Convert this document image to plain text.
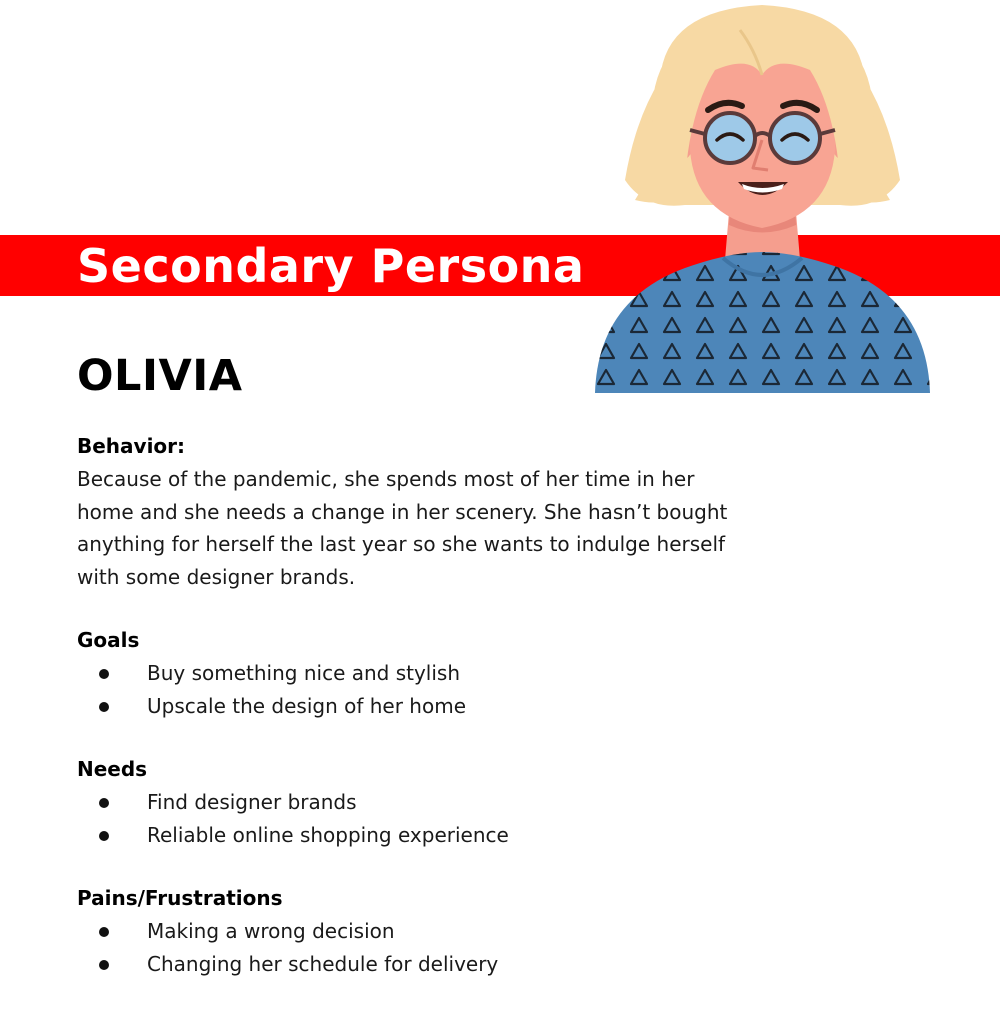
Secondary Persona
OLIVIA
Behavior:

Because of the pandemic, she spends most of her time in her
home and she needs a change in her scenery. She hasn’t bought
anything for herself the last year so she wants to indulge herself
with some designer brands.

Goals
Buy something nice and stylish
Upscale the design of her home
Needs
Find designer brands
Reliable online shopping experience
Pains/Frustrations
Making a wrong decision
Changing her schedule for delivery
